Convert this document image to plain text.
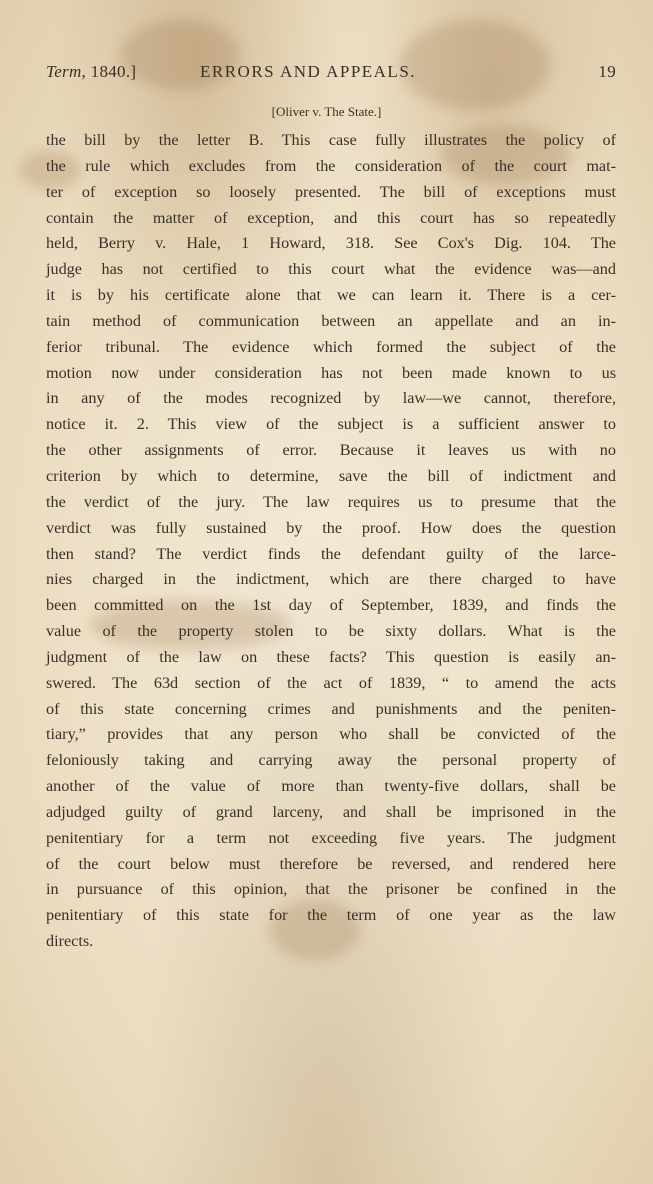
Term, 1840.]	ERRORS AND APPEALS.	19
[Oliver v. The State.]
the bill by the letter B. This case fully illustrates the policy of
the rule which excludes from the consideration of the court mat-
ter of exception so loosely presented. The bill of exceptions must
contain the matter of exception, and this court has so repeatedly
held, Berry v. Hale, 1 Howard, 318. See Cox's Dig. 104. The
judge has not certified to this court what the evidence was—and
it is by his certificate alone that we can learn it. There is a cer-
tain method of communication between an appellate and an in-
ferior tribunal. The evidence which formed the subject of the
motion now under consideration has not been made known to us
in any of the modes recognized by law—we cannot, therefore,
notice it. 2. This view of the subject is a sufficient answer to
the other assignments of error. Because it leaves us with no
criterion by which to determine, save the bill of indictment and
the verdict of the jury. The law requires us to presume that the
verdict was fully sustained by the proof. How does the question
then stand? The verdict finds the defendant guilty of the larce-
nies charged in the indictment, which are there charged to have
been committed on the 1st day of September, 1839, and finds the
value of the property stolen to be sixty dollars. What is the
judgment of the law on these facts? This question is easily an-
swered. The 63d section of the act of 1839, “ to amend the acts
of this state concerning crimes and punishments and the peniten-
tiary,” provides that any person who shall be convicted of the
feloniously taking and carrying away the personal property of
another of the value of more than twenty-five dollars, shall be
adjudged guilty of grand larceny, and shall be imprisoned in the
penitentiary for a term not exceeding five years. The judgment
of the court below must therefore be reversed, and rendered here
in pursuance of this opinion, that the prisoner be confined in the
penitentiary of this state for the term of one year as the law
directs.
